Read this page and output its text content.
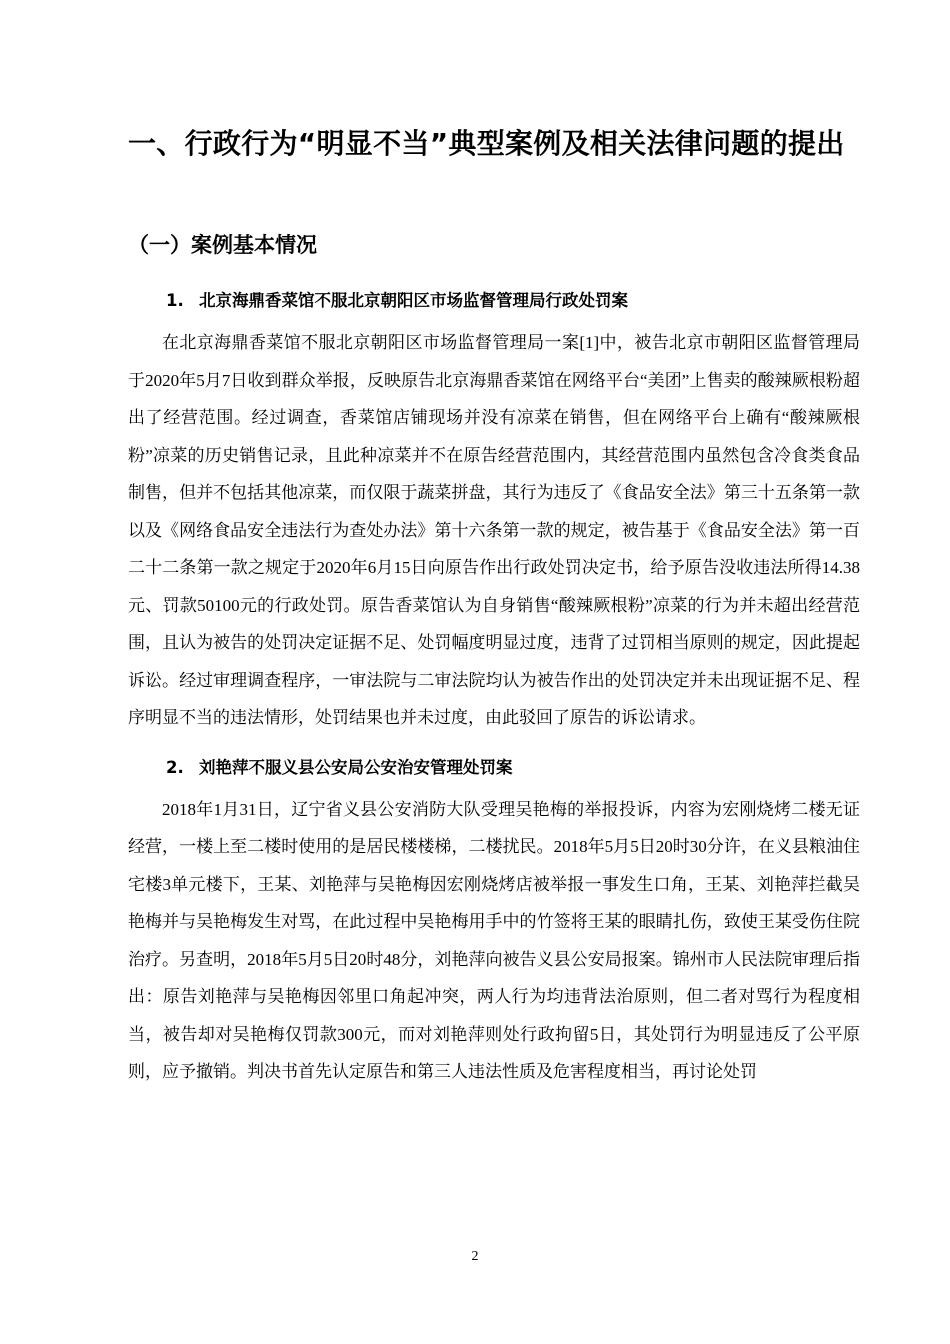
一、行政行为“明显不当”典型案例及相关法律问题的提出
（一）案例基本情况
1. 北京海鼎香菜馆不服北京朝阳区市场监督管理局行政处罚案

在北京海鼎香菜馆不服北京朝阳区市场监督管理局一案[1]中，被告北京市朝阳区监督管理局于2020年5月7日收到群众举报，反映原告北京海鼎香菜馆在网络平台“美团”上售卖的酸辣厥根粉超出了经营范围。经过调查，香菜馆店铺现场并没有凉菜在销售，但在网络平台上确有“酸辣厥根粉”凉菜的历史销售记录，且此种凉菜并不在原告经营范围内，其经营范围内虽然包含冷食类食品制售，但并不包括其他凉菜，而仅限于蔬菜拼盘，其行为违反了《食品安全法》第三十五条第一款以及《网络食品安全违法行为查处办法》第十六条第一款的规定，被告基于《食品安全法》第一百二十二条第一款之规定于2020年6月15日向原告作出行政处罚决定书，给予原告没收违法所得14.38元、罚款50100元的行政处罚。原告香菜馆认为自身销售“酸辣厥根粉”凉菜的行为并未超出经营范围，且认为被告的处罚决定证据不足、处罚幅度明显过度，违背了过罚相当原则的规定，因此提起诉讼。经过审理调查程序，一审法院与二审法院均认为被告作出的处罚决定并未出现证据不足、程序明显不当的违法情形，处罚结果也并未过度，由此驳回了原告的诉讼请求。

2. 刘艳萍不服义县公安局公安治安管理处罚案

2018年1月31日，辽宁省义县公安消防大队受理吴艳梅的举报投诉，内容为宏刚烧烤二楼无证经营，一楼上至二楼时使用的是居民楼楼梯，二楼扰民。2018年5月5日20时30分许，在义县粮油住宅楼3单元楼下，王某、刘艳萍与吴艳梅因宏刚烧烤店被举报一事发生口角，王某、刘艳萍拦截吴艳梅并与吴艳梅发生对骂，在此过程中吴艳梅用手中的竹签将王某的眼睛扎伤，致使王某受伤住院治疗。另查明，2018年5月5日20时48分，刘艳萍向被告义县公安局报案。锦州市人民法院审理后指出：原告刘艳萍与吴艳梅因邻里口角起冲突，两人行为均违背法治原则，但二者对骂行为程度相当，被告却对吴艳梅仅罚款300元，而对刘艳萍则处行政拘留5日，其处罚行为明显违反了公平原则，应予撤销。判决书首先认定原告和第三人违法性质及危害程度相当，再讨论处罚

2
